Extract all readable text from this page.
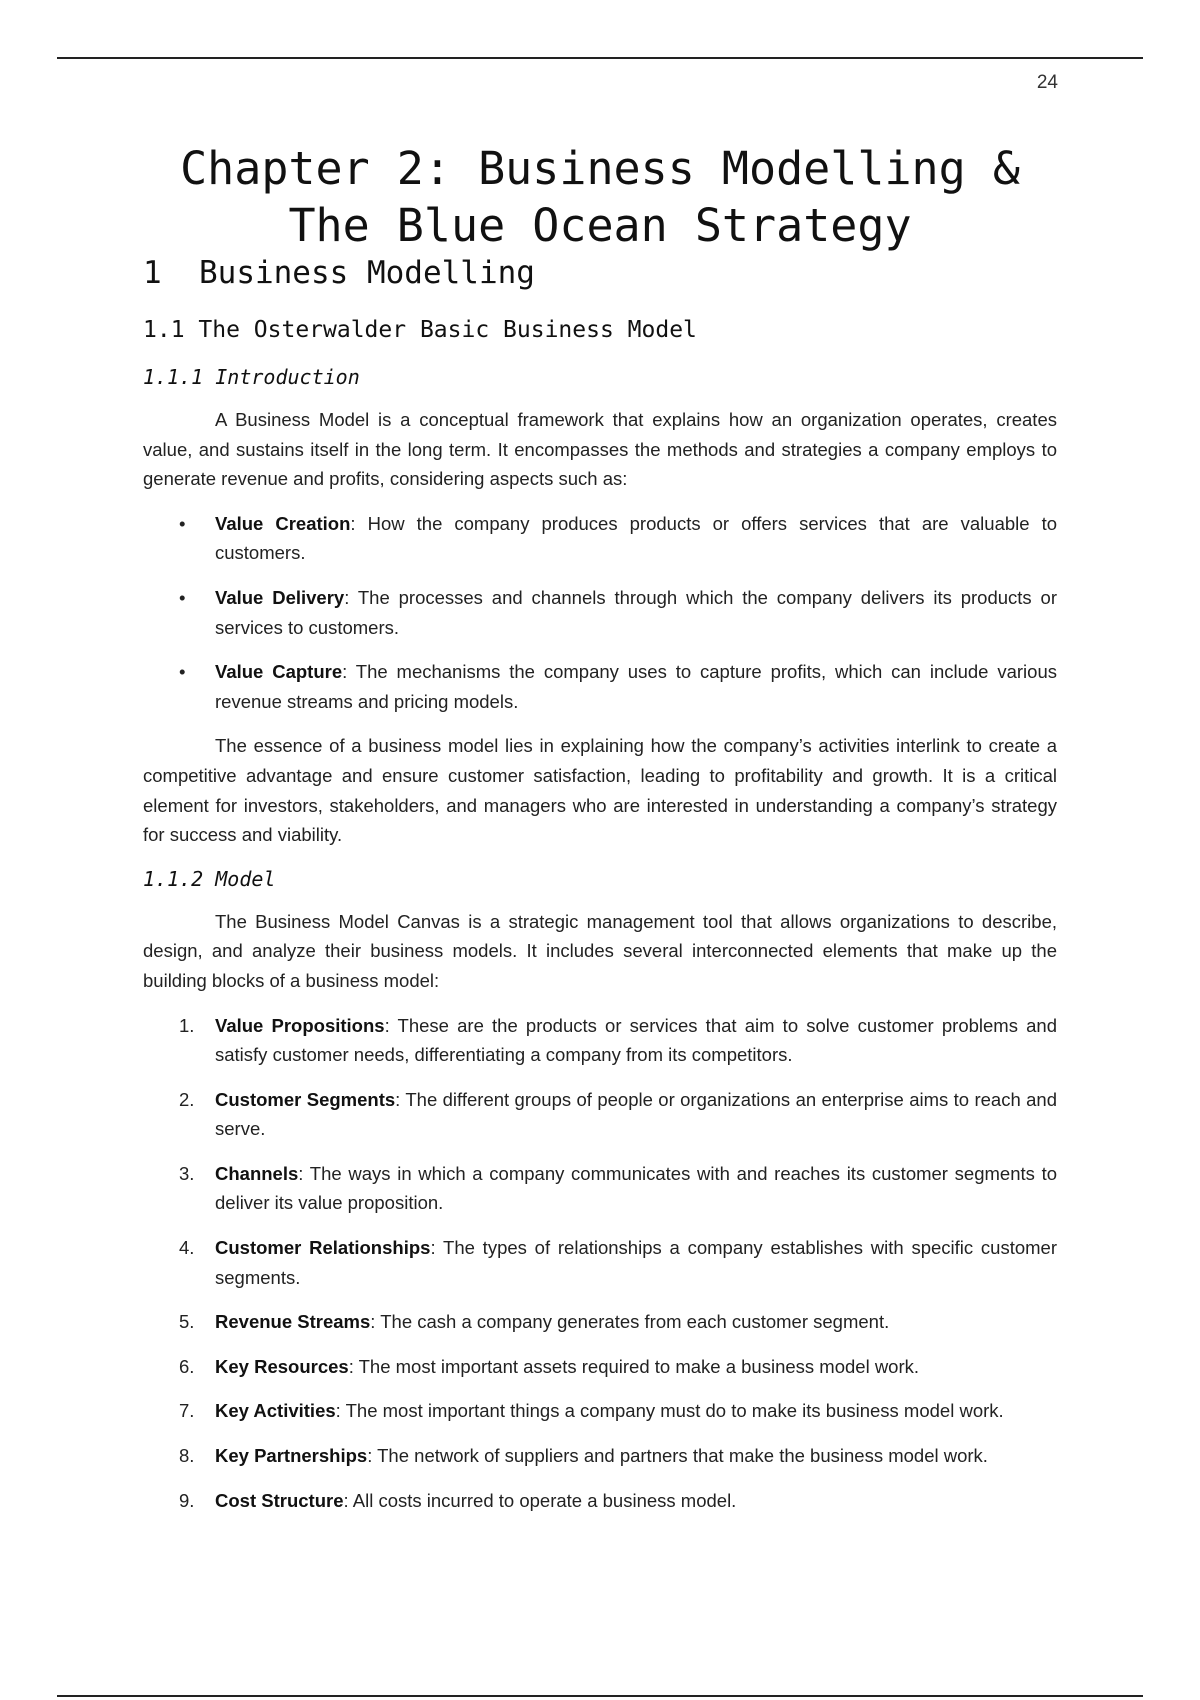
24
Chapter 2: Business Modelling &
The Blue Ocean Strategy
1  Business Modelling
1.1 The Osterwalder Basic Business Model
1.1.1 Introduction

A Business Model is a conceptual framework that explains how an organization operates, creates value, and sustains itself in the long term. It encompasses the methods and strategies a company employs to generate revenue and profits, considering aspects such as:

• Value Creation: How the company produces products or offers services that are valuable to customers.
• Value Delivery: The processes and channels through which the company delivers its products or services to customers.
• Value Capture: The mechanisms the company uses to capture profits, which can include various revenue streams and pricing models.

The essence of a business model lies in explaining how the company’s activities interlink to create a competitive advantage and ensure customer satisfaction, leading to profitability and growth. It is a critical element for investors, stakeholders, and managers who are interested in understanding a company’s strategy for success and viability.

1.1.2 Model

The Business Model Canvas is a strategic management tool that allows organizations to describe, design, and analyze their business models. It includes several interconnected elements that make up the building blocks of a business model:

1. Value Propositions: These are the products or services that aim to solve customer problems and satisfy customer needs, differentiating a company from its competitors.
2. Customer Segments: The different groups of people or organizations an enterprise aims to reach and serve.
3. Channels: The ways in which a company communicates with and reaches its customer segments to deliver its value proposition.
4. Customer Relationships: The types of relationships a company establishes with specific customer segments.
5. Revenue Streams: The cash a company generates from each customer segment.
6. Key Resources: The most important assets required to make a business model work.
7. Key Activities: The most important things a company must do to make its business model work.
8. Key Partnerships: The network of suppliers and partners that make the business model work.
9. Cost Structure: All costs incurred to operate a business model.
